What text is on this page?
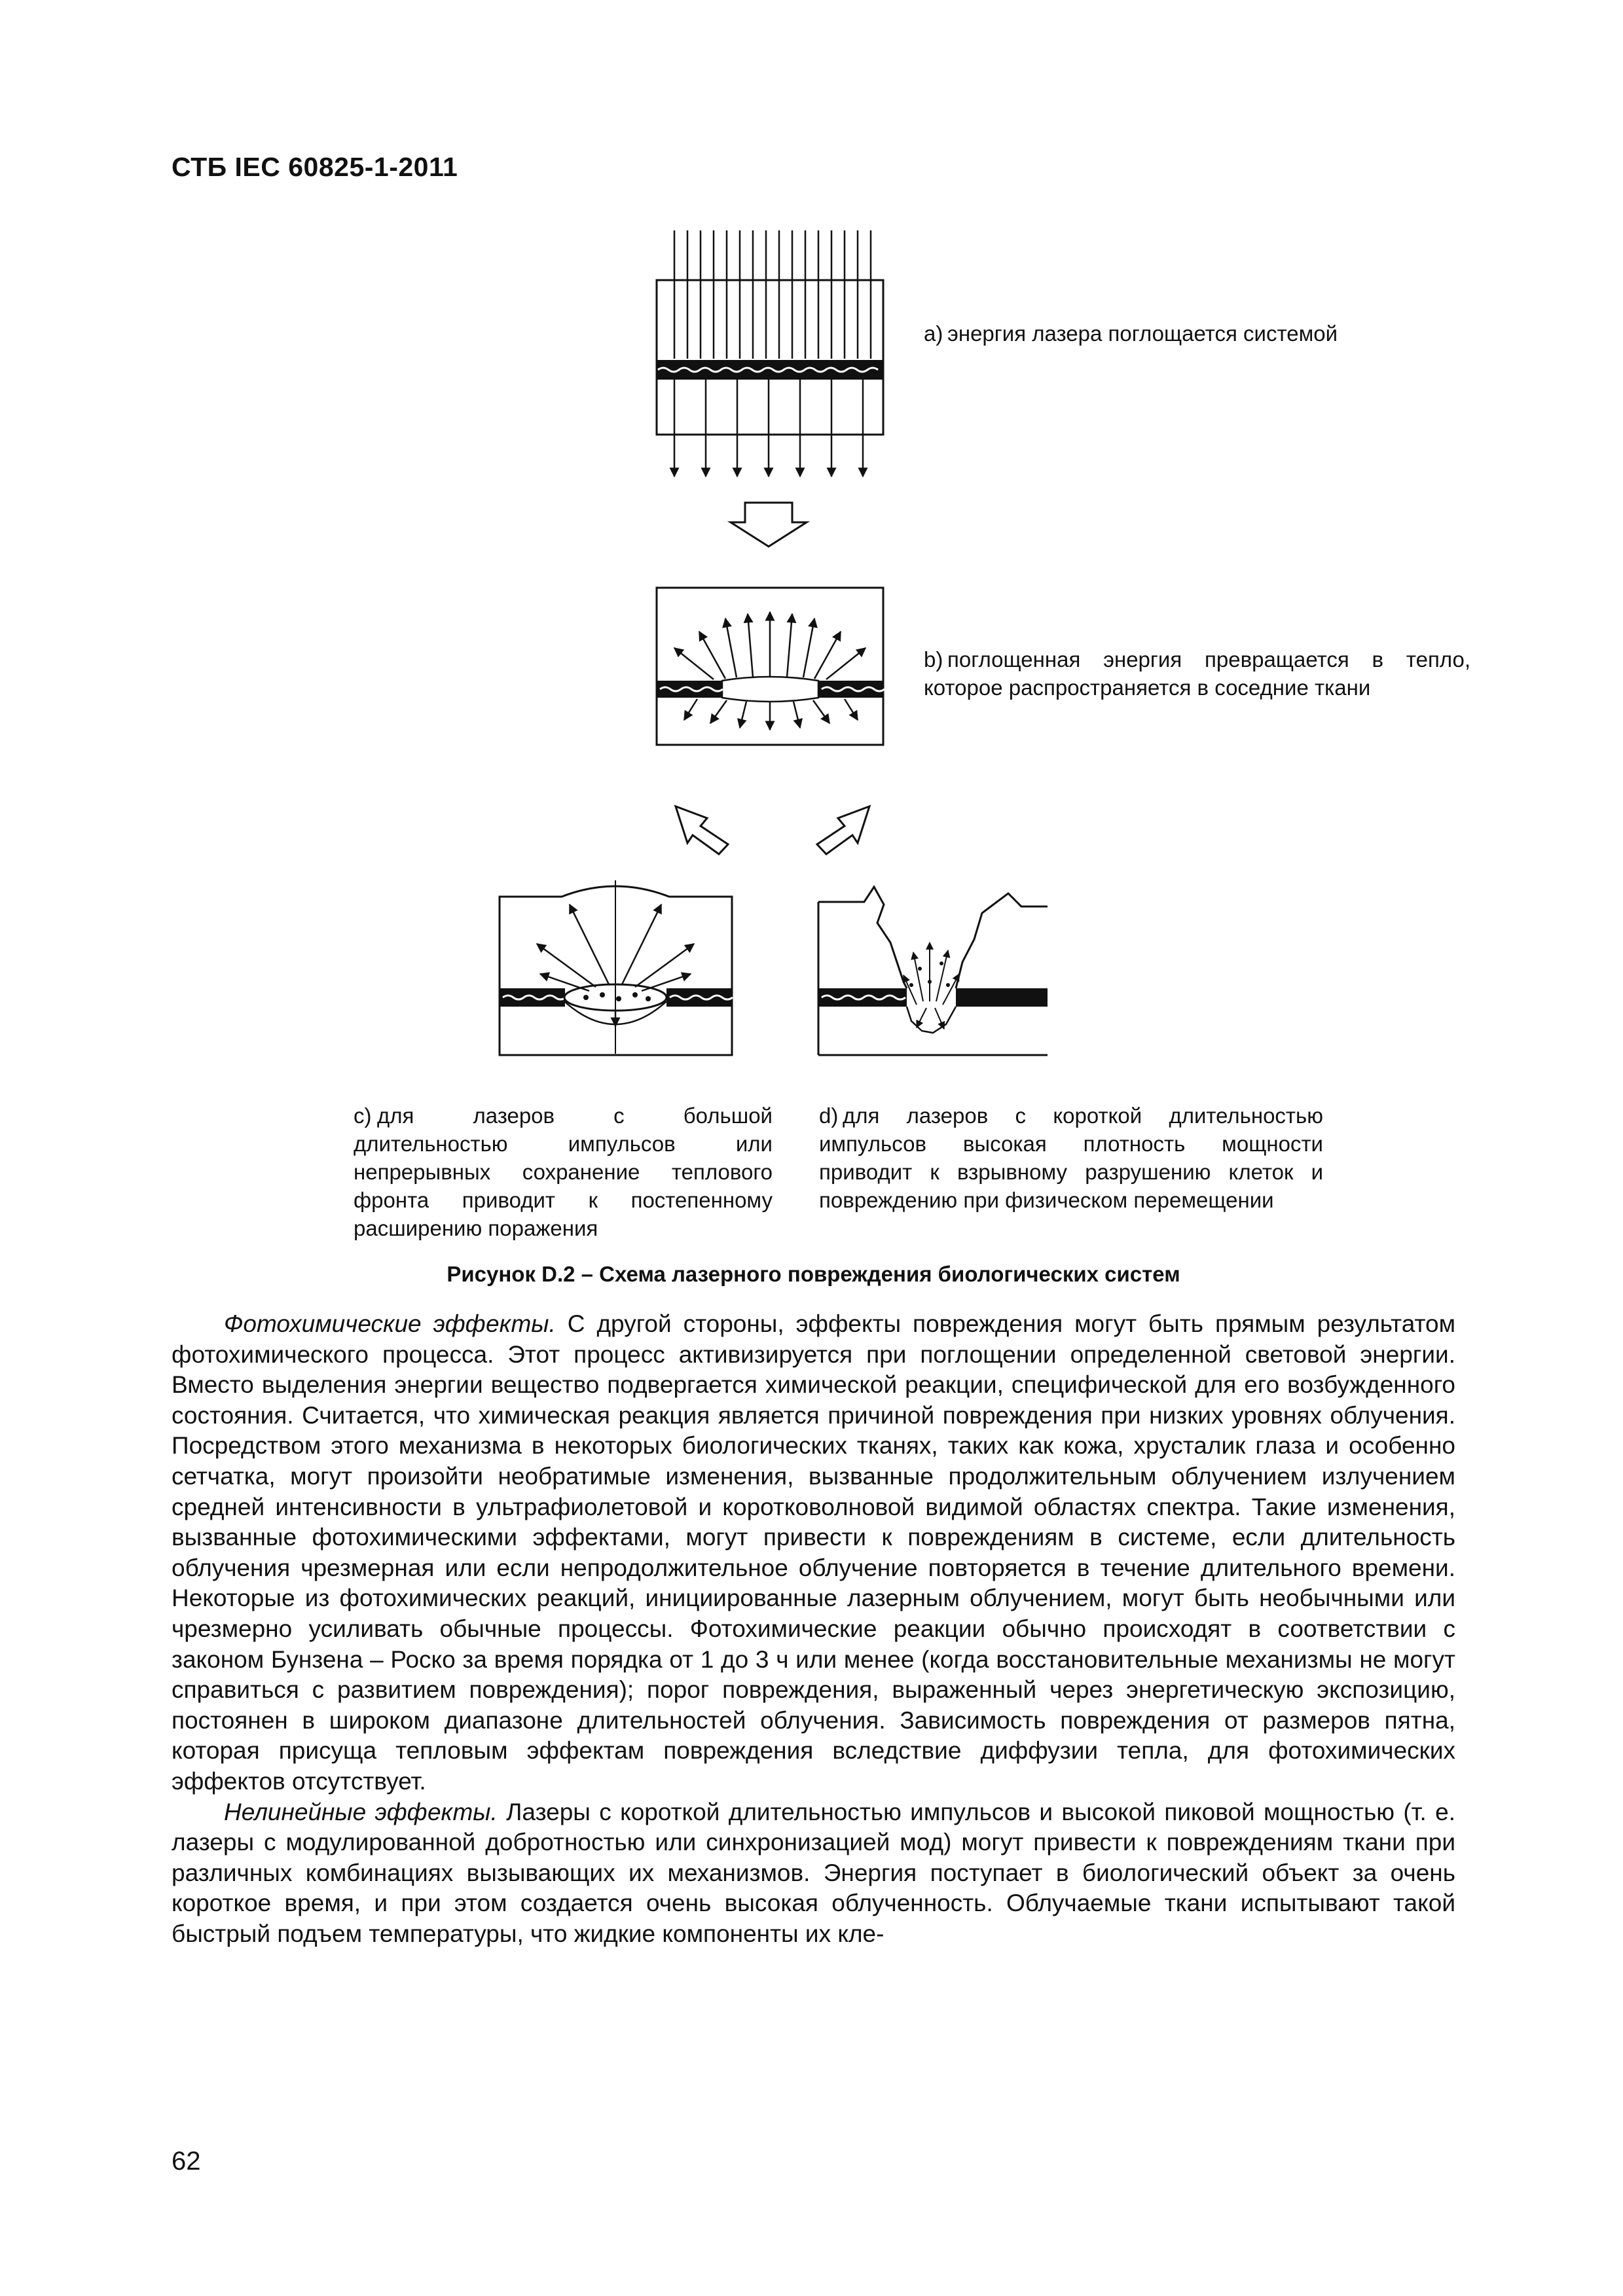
СТБ IEC 60825-1-2011
a) энергия лазера поглощается системой
b) поглощенная энергия превращается в тепло, которое распространяется в соседние ткани
c) для лазеров с большой длительностью импульсов или непрерывных сохранение теплового фронта приводит к постепенному расширению поражения
d) для лазеров с короткой длительностью импульсов высокая плотность мощности приводит к взрывному разрушению клеток и повреждению при физическом перемещении
Рисунок D.2 – Схема лазерного повреждения биологических систем

Фотохимические эффекты. С другой стороны, эффекты повреждения могут быть прямым результатом фотохимического процесса. Этот процесс активизируется при поглощении определенной световой энергии. Вместо выделения энергии вещество подвергается химической реакции, специфической для его возбужденного состояния. Считается, что химическая реакция является причиной повреждения при низких уровнях облучения. Посредством этого механизма в некоторых биологических тканях, таких как кожа, хрусталик глаза и особенно сетчатка, могут произойти необратимые изменения, вызванные продолжительным облучением излучением средней интенсивности в ультрафиолетовой и коротковолновой видимой областях спектра. Такие изменения, вызванные фотохимическими эффектами, могут привести к повреждениям в системе, если длительность облучения чрезмерная или если непродолжительное облучение повторяется в течение длительного времени. Некоторые из фотохимических реакций, инициированные лазерным облучением, могут быть необычными или чрезмерно усиливать обычные процессы. Фотохимические реакции обычно происходят в соответствии с законом Бунзена – Роско за время порядка от 1 до 3 ч или менее (когда восстановительные механизмы не могут справиться с развитием повреждения); порог повреждения, выраженный через энергетическую экспозицию, постоянен в широком диапазоне длительностей облучения. Зависимость повреждения от размеров пятна, которая присуща тепловым эффектам повреждения вследствие диффузии тепла, для фотохимических эффектов отсутствует.

Нелинейные эффекты. Лазеры с короткой длительностью импульсов и высокой пиковой мощностью (т. е. лазеры с модулированной добротностью или синхронизацией мод) могут привести к повреждениям ткани при различных комбинациях вызывающих их механизмов. Энергия поступает в биологический объект за очень короткое время, и при этом создается очень высокая облученность. Облучаемые ткани испытывают такой быстрый подъем температуры, что жидкие компоненты их кле-

62
